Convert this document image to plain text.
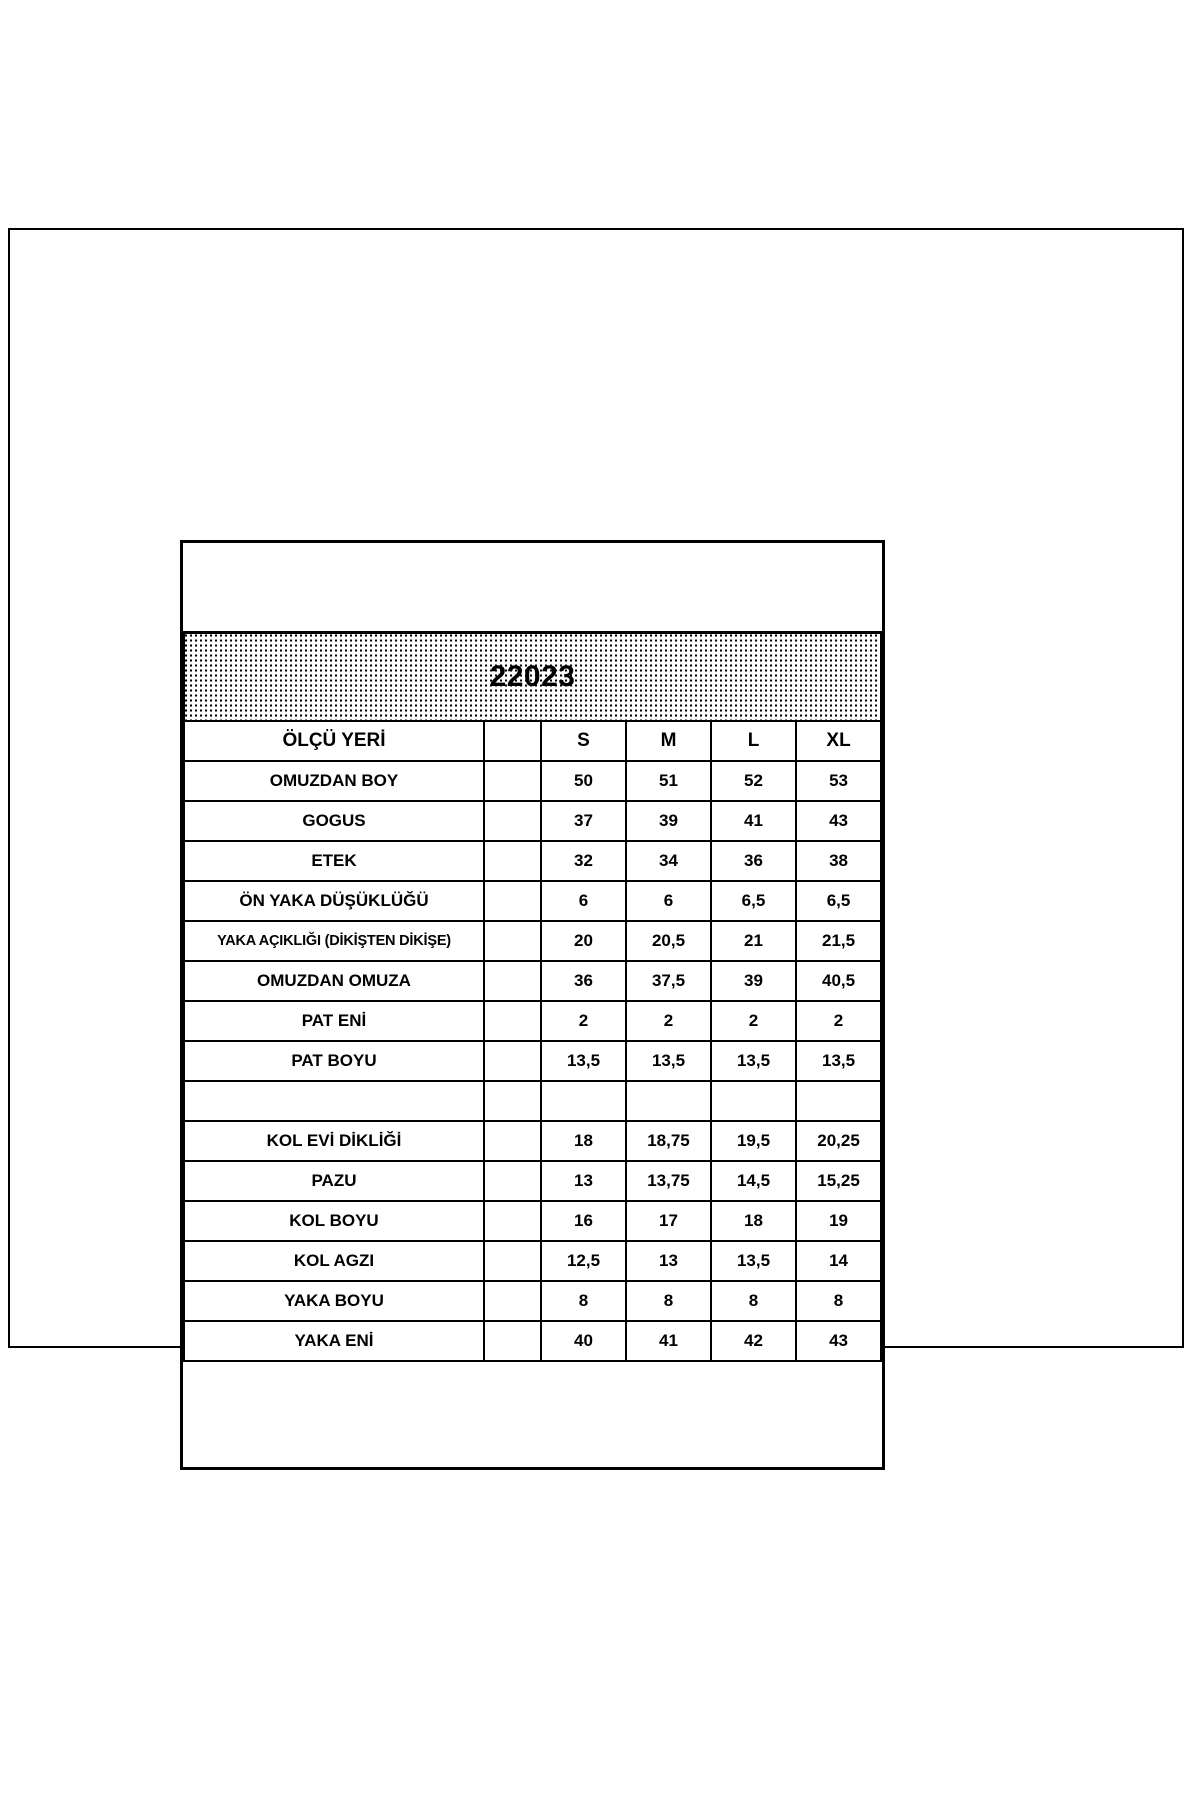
22023					
ÖLÇÜ YERİ		S	M	L	XL
OMUZDAN BOY		50	51	52	53
GOGUS		37	39	41	43
ETEK		32	34	36	38
ÖN YAKA DÜŞÜKLÜĞÜ		6	6	6,5	6,5
YAKA AÇIKLIĞI (DİKİŞTEN DİKİŞE)		20	20,5	21	21,5
OMUZDAN OMUZA		36	37,5	39	40,5
PAT ENİ		2	2	2	2
PAT BOYU		13,5	13,5	13,5	13,5

KOL EVİ DİKLİĞİ		18	18,75	19,5	20,25
PAZU		13	13,75	14,5	15,25
KOL BOYU		16	17	18	19
KOL AGZI		12,5	13	13,5	14
YAKA BOYU		8	8	8	8
YAKA ENİ		40	41	42	43
